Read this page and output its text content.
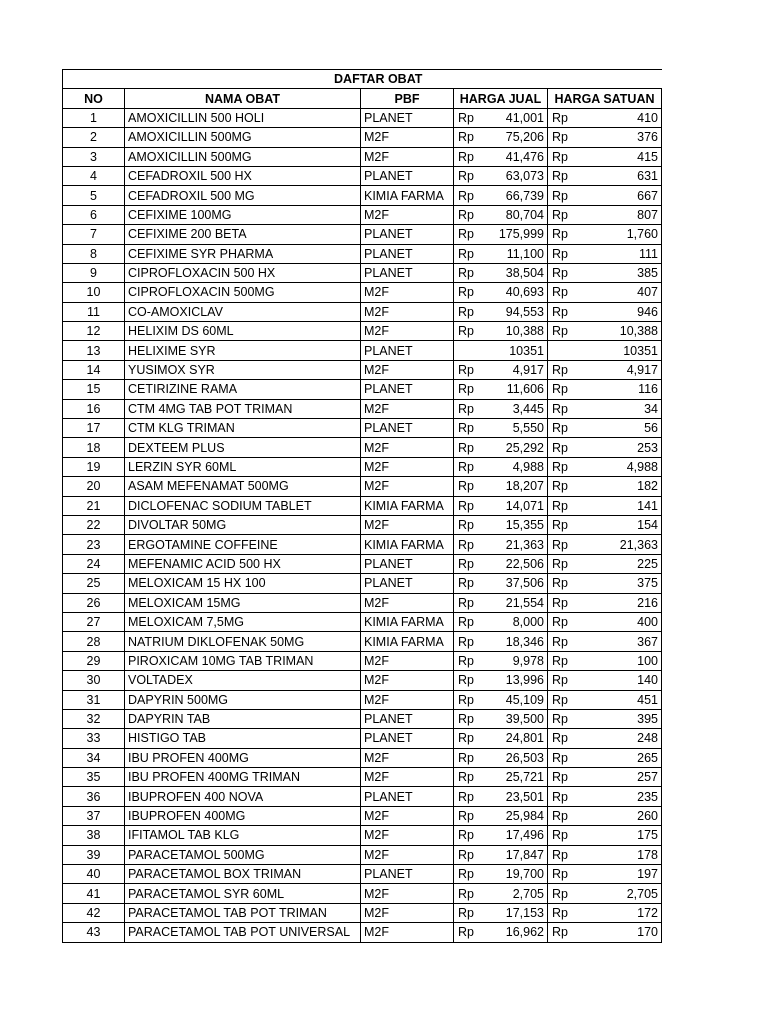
DAFTAR OBAT				
NO	NAMA OBAT	PBF	HARGA JUAL	HARGA SATUAN
1	AMOXICILLIN 500 HOLI	PLANET	Rp 41,001	Rp 410

2	AMOXICILLIN 500MG	M2F	Rp 75,206	Rp 376

3	AMOXICILLIN 500MG	M2F	Rp 41,476	Rp 415

4	CEFADROXIL 500 HX	PLANET	Rp 63,073	Rp 631

5	CEFADROXIL 500 MG	KIMIA FARMA	Rp 66,739	Rp 667

6	CEFIXIME 100MG	M2F	Rp 80,704	Rp 807

7	CEFIXIME 200 BETA	PLANET	Rp 175,999	Rp 1,760

8	CEFIXIME SYR PHARMA	PLANET	Rp 11,100	Rp 111

9	CIPROFLOXACIN 500 HX	PLANET	Rp 38,504	Rp 385

10	CIPROFLOXACIN 500MG	M2F	Rp 40,693	Rp 407

11	CO-AMOXICLAV	M2F	Rp 94,553	Rp 946

12	HELIXIM DS 60ML	M2F	Rp 10,388	Rp 10,388

13	HELIXIME SYR	PLANET	10351	10351

14	YUSIMOX SYR	M2F	Rp 4,917	Rp 4,917

15	CETIRIZINE RAMA	PLANET	Rp 11,606	Rp 116

16	CTM 4MG TAB POT TRIMAN	M2F	Rp 3,445	Rp 34

17	CTM KLG TRIMAN	PLANET	Rp 5,550	Rp 56

18	DEXTEEM PLUS	M2F	Rp 25,292	Rp 253

19	LERZIN SYR 60ML	M2F	Rp 4,988	Rp 4,988

20	ASAM MEFENAMAT 500MG	M2F	Rp 18,207	Rp 182

21	DICLOFENAC SODIUM TABLET	KIMIA FARMA	Rp 14,071	Rp 141

22	DIVOLTAR 50MG	M2F	Rp 15,355	Rp 154

23	ERGOTAMINE COFFEINE	KIMIA FARMA	Rp 21,363	Rp 21,363

24	MEFENAMIC ACID 500 HX	PLANET	Rp 22,506	Rp 225

25	MELOXICAM 15 HX 100	PLANET	Rp 37,506	Rp 375

26	MELOXICAM 15MG	M2F	Rp 21,554	Rp 216

27	MELOXICAM 7,5MG	KIMIA FARMA	Rp 8,000	Rp 400

28	NATRIUM DIKLOFENAK 50MG	KIMIA FARMA	Rp 18,346	Rp 367

29	PIROXICAM 10MG TAB TRIMAN	M2F	Rp 9,978	Rp 100

30	VOLTADEX	M2F	Rp 13,996	Rp 140

31	DAPYRIN 500MG	M2F	Rp 45,109	Rp 451

32	DAPYRIN TAB	PLANET	Rp 39,500	Rp 395

33	HISTIGO TAB	PLANET	Rp 24,801	Rp 248

34	IBU PROFEN 400MG	M2F	Rp 26,503	Rp 265

35	IBU PROFEN 400MG TRIMAN	M2F	Rp 25,721	Rp 257

36	IBUPROFEN 400 NOVA	PLANET	Rp 23,501	Rp 235

37	IBUPROFEN 400MG	M2F	Rp 25,984	Rp 260

38	IFITAMOL TAB KLG	M2F	Rp 17,496	Rp 175

39	PARACETAMOL 500MG	M2F	Rp 17,847	Rp 178

40	PARACETAMOL BOX TRIMAN	PLANET	Rp 19,700	Rp 197

41	PARACETAMOL SYR 60ML	M2F	Rp 2,705	Rp 2,705

42	PARACETAMOL TAB POT TRIMAN	M2F	Rp 17,153	Rp 172

43	PARACETAMOL TAB POT UNIVERSAL	M2F	Rp 16,962	Rp 170
